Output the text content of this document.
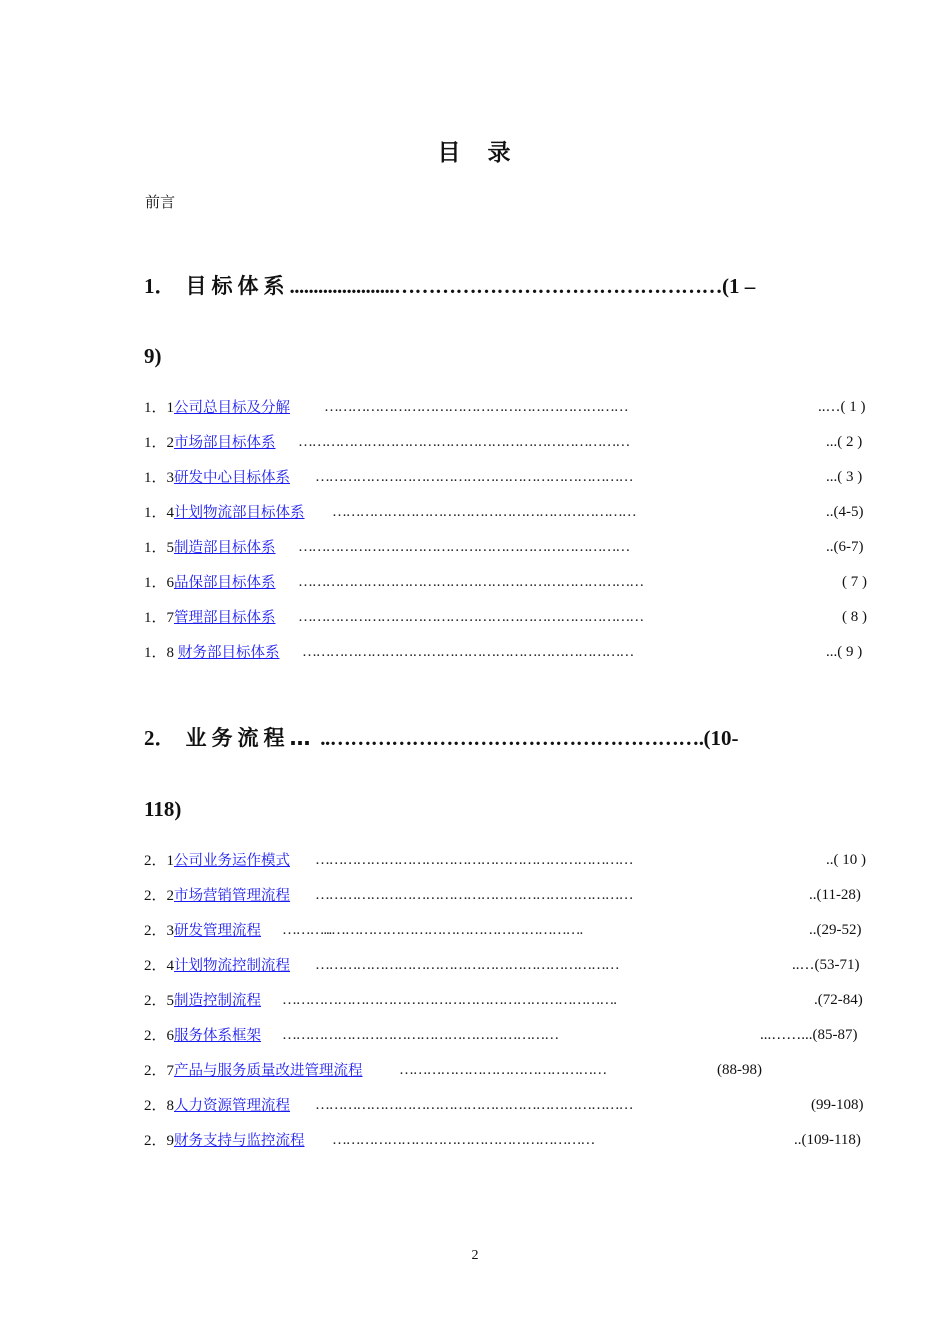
目　录
前言
1． 目标体系......................…………………………………………(1 –
9)
1．1公司总目标及分解 …………………………………………………………	..…( 1 )
1．2市场部目标体系 ………………………………………………………………	...( 2 )
1．3研发中心目标体系 ……………………………………………………………	...( 3 )
1．4计划物流部目标体系 …………………………………………………………	..(4-5)
1．5制造部目标体系 ………………………………………………………………	..(6-7)
1．6品保部目标体系 …………………………………………………………………	( 7 )
1．7管理部目标体系 …………………………………………………………………	( 8 )
1．8 财务部目标体系 ………………………………………………………………	...( 9 )
2． 业务流程… ..……………………………………………….(10-
118)
2．1公司业务运作模式 ……………………………………………………………	..( 10 )
2．2市场营销管理流程 ……………………………………………………………	..(11-28)
2．3研发管理流程 ………...……………………………………………….	..(29-52)
2．4计划物流控制流程 …………………………………………………………	..…(53-71)
2．5制造控制流程 ……………………………………………………………….	.(72-84)
2．6服务体系框架 ……………………………………………………	...……...(85-87)
2．7产品与服务质量改进管理流程 ………………………………………	(88-98)
2．8人力资源管理流程 ……………………………………………………………	(99-108)
2．9财务支持与监控流程 …………………………………………………	..(109-118)
2
